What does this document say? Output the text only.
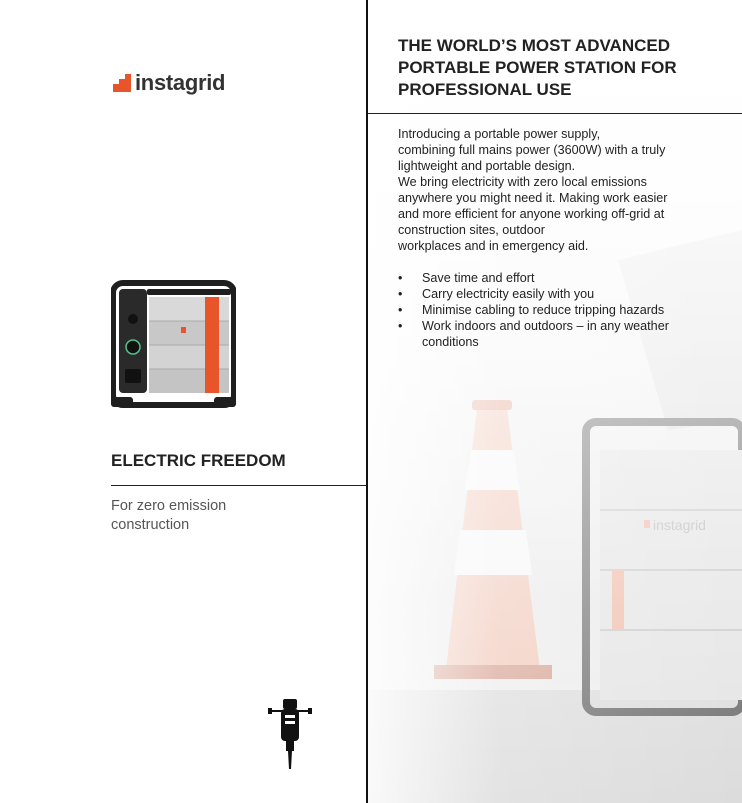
instagrid
ELECTRIC FREEDOM
For zero emission construction
THE WORLD’S MOST ADVANCED PORTABLE POWER STATION FOR PROFESSIONAL USE

Introducing a portable power supply,

combining full mains power (3600W) with a truly

lightweight and portable design.

We bring electricity with zero local emissions

anywhere you might need it. Making work easier

and more efficient for anyone working off-grid at

construction sites, outdoor

workplaces and in emergency aid.

• Save time and effort
• Carry electricity easily with you
• Minimise cabling to reduce tripping hazards
• Work indoors and outdoors – in any weather conditions
